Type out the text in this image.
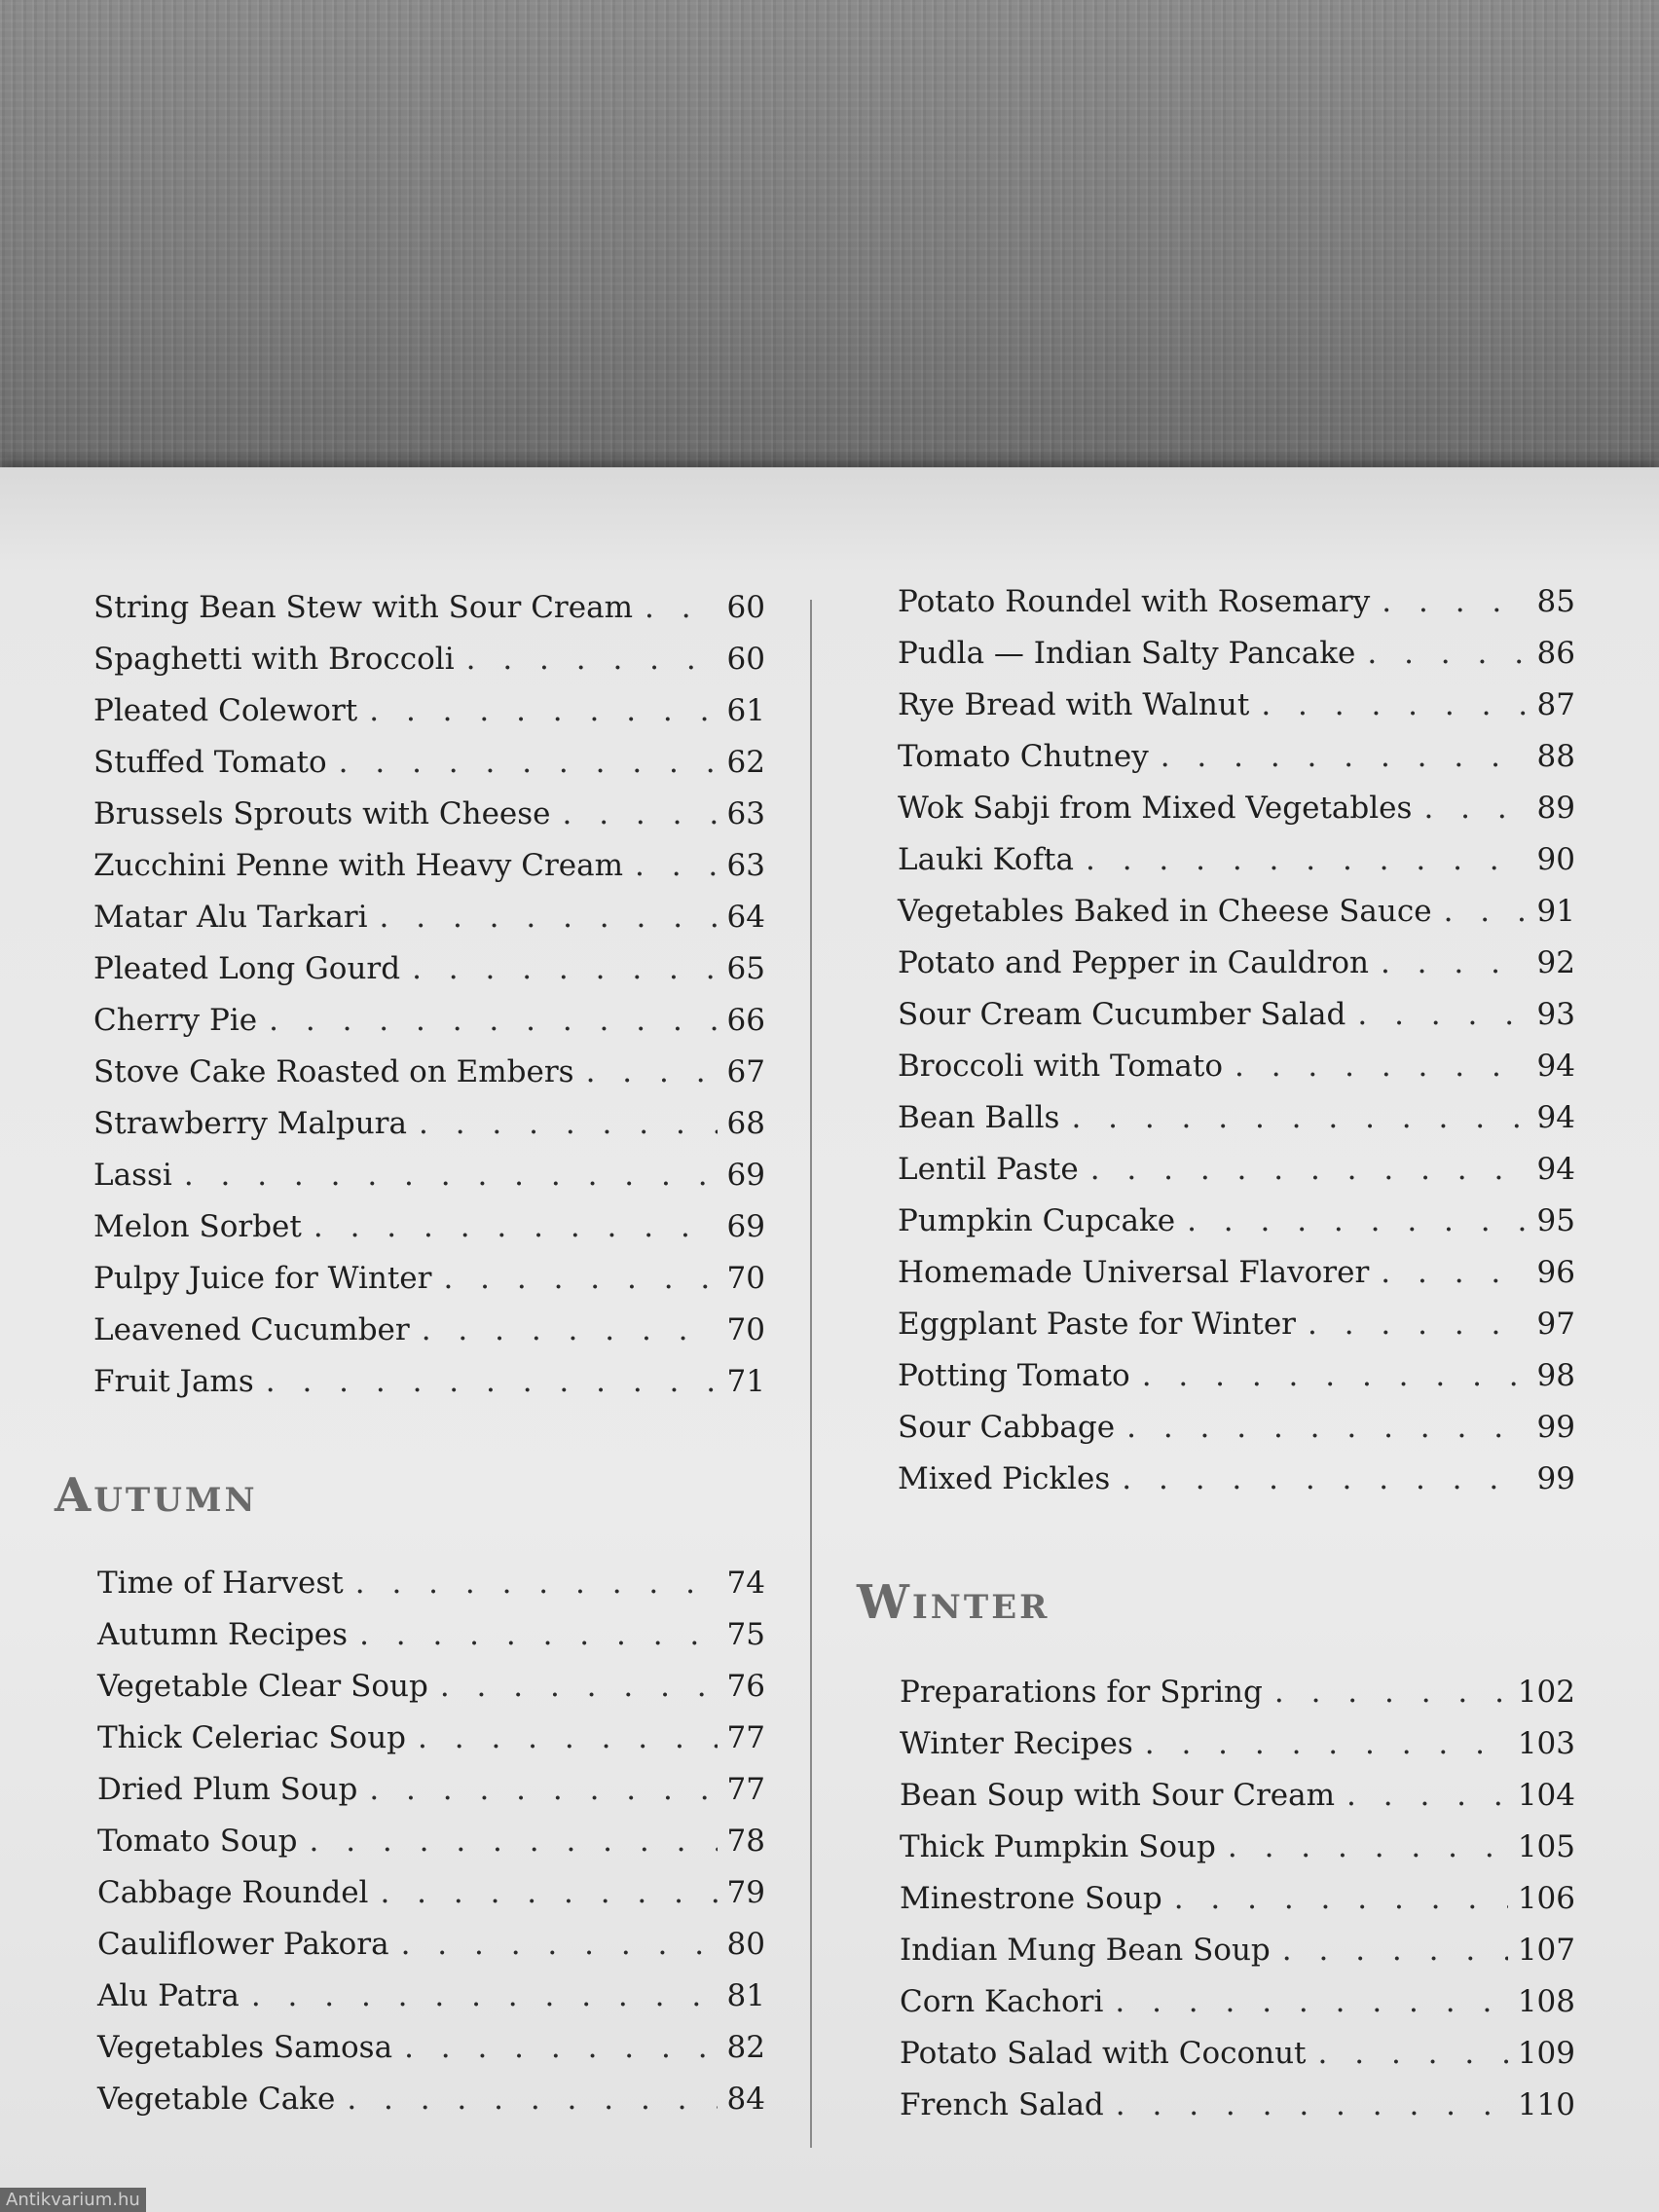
String Bean Stew with Sour Cream . . .	60
Spaghetti with Broccoli . . .	60
Pleated Colewort . . .	61
Stuffed Tomato . . .	62
Brussels Sprouts with Cheese . . .	63
Zucchini Penne with Heavy Cream . . .	63
Matar Alu Tarkari . . .	64
Pleated Long Gourd . . .	65
Cherry Pie . . .	66
Stove Cake Roasted on Embers . . .	67
Strawberry Malpura . . .	68
Lassi . . .	69
Melon Sorbet . . .	69
Pulpy Juice for Winter . . .	70
Leavened Cucumber . . .	70
Fruit Jams . . .	71
Autumn
Time of Harvest . . .	74
Autumn Recipes . . .	75
Vegetable Clear Soup . . .	76
Thick Celeriac Soup . . .	77
Dried Plum Soup . . .	77
Tomato Soup . . .	78
Cabbage Roundel . . .	79
Cauliflower Pakora . . .	80
Alu Patra . . .	81
Vegetables Samosa . . .	82
Vegetable Cake . . .	84
Potato Roundel with Rosemary . . .	85
Pudla — Indian Salty Pancake . . .	86
Rye Bread with Walnut . . .	87
Tomato Chutney . . .	88
Wok Sabji from Mixed Vegetables . . .	89
Lauki Kofta . . .	90
Vegetables Baked in Cheese Sauce . . .	91
Potato and Pepper in Cauldron . . .	92
Sour Cream Cucumber Salad . . .	93
Broccoli with Tomato . . .	94
Bean Balls . . .	94
Lentil Paste . . .	94
Pumpkin Cupcake . . .	95
Homemade Universal Flavorer . . .	96
Eggplant Paste for Winter . . .	97
Potting Tomato . . .	98
Sour Cabbage . . .	99
Mixed Pickles . . .	99
Winter
Preparations for Spring . . .	102
Winter Recipes . . .	103
Bean Soup with Sour Cream . . .	104
Thick Pumpkin Soup . . .	105
Minestrone Soup . . .	106
Indian Mung Bean Soup . . .	107
Corn Kachori . . .	108
Potato Salad with Coconut . . .	109
French Salad . . .	110
Antikvarium.hu
